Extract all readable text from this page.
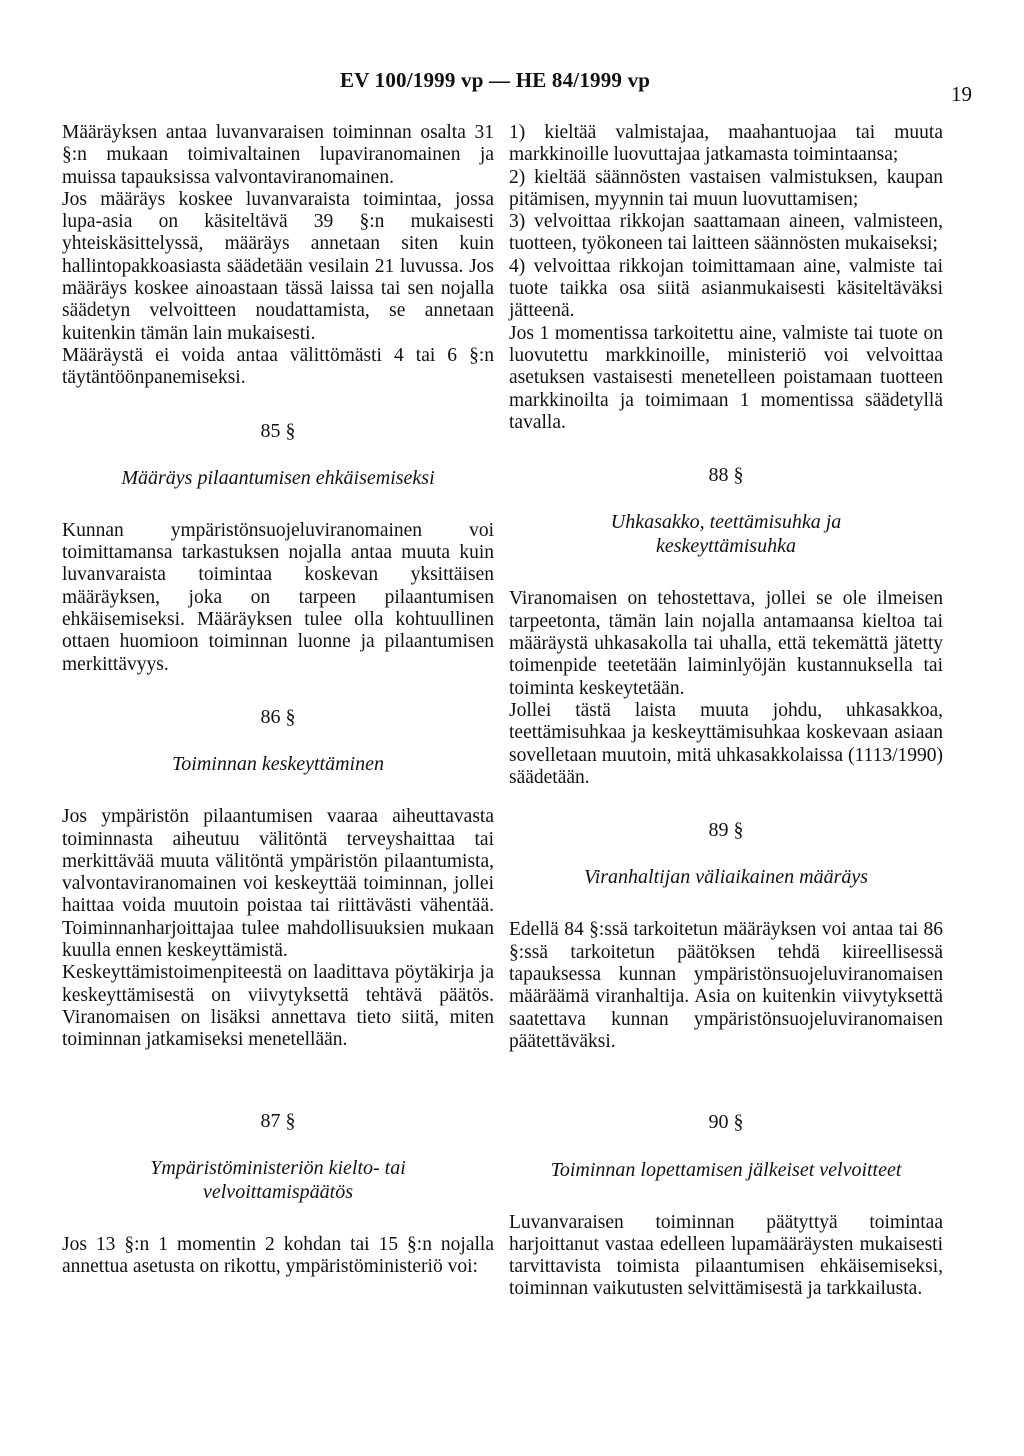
EV 100/1999 vp — HE 84/1999 vp
19

Määräyksen antaa luvanvaraisen toiminnan osalta 31 §:n mukaan toimivaltainen lupaviranomainen ja muissa tapauksissa valvontaviranomainen.

Jos määräys koskee luvanvaraista toimintaa, jossa lupa-asia on käsiteltävä 39 §:n mukaisesti yhteiskäsittelyssä, määräys annetaan siten kuin hallintopakkoasiasta säädetään vesilain 21 luvussa. Jos määräys koskee ainoastaan tässä laissa tai sen nojalla säädetyn velvoitteen noudattamista, se annetaan kuitenkin tämän lain mukaisesti.

Määräystä ei voida antaa välittömästi 4 tai 6 §:n täytäntöönpanemiseksi.

85 §
Määräys pilaantumisen ehkäisemiseksi

Kunnan ympäristönsuojeluviranomainen voi toimittamansa tarkastuksen nojalla antaa muuta kuin luvanvaraista toimintaa koskevan yksittäisen määräyksen, joka on tarpeen pilaantumisen ehkäisemiseksi. Määräyksen tulee olla kohtuullinen ottaen huomioon toiminnan luonne ja pilaantumisen merkittävyys.

86 §
Toiminnan keskeyttäminen

Jos ympäristön pilaantumisen vaaraa aiheuttavasta toiminnasta aiheutuu välitöntä terveyshaittaa tai merkittävää muuta välitöntä ympäristön pilaantumista, valvontaviranomainen voi keskeyttää toiminnan, jollei haittaa voida muutoin poistaa tai riittävästi vähentää. Toiminnanharjoittajaa tulee mahdollisuuksien mukaan kuulla ennen keskeyttämistä.

Keskeyttämistoimenpiteestä on laadittava pöytäkirja ja keskeyttämisestä on viivytyksettä tehtävä päätös. Viranomaisen on lisäksi annettava tieto siitä, miten toiminnan jatkamiseksi menetellään.

87 §
Ympäristöministeriön kielto- tai velvoittamispäätös

Jos 13 §:n 1 momentin 2 kohdan tai 15 §:n nojalla annettua asetusta on rikottu, ympäristöministeriö voi:

1) kieltää valmistajaa, maahantuojaa tai muuta markkinoille luovuttajaa jatkamasta toimintaansa;

2) kieltää säännösten vastaisen valmistuksen, kaupan pitämisen, myynnin tai muun luovuttamisen;

3) velvoittaa rikkojan saattamaan aineen, valmisteen, tuotteen, työkoneen tai laitteen säännösten mukaiseksi;

4) velvoittaa rikkojan toimittamaan aine, valmiste tai tuote taikka osa siitä asianmukaisesti käsiteltäväksi jätteenä.

Jos 1 momentissa tarkoitettu aine, valmiste tai tuote on luovutettu markkinoille, ministeriö voi velvoittaa asetuksen vastaisesti menetelleen poistamaan tuotteen markkinoilta ja toimimaan 1 momentissa säädetyllä tavalla.

88 §
Uhkasakko, teettämisuhka ja keskeyttämisuhka

Viranomaisen on tehostettava, jollei se ole ilmeisen tarpeetonta, tämän lain nojalla antamaansa kieltoa tai määräystä uhkasakolla tai uhalla, että tekemättä jätetty toimenpide teetetään laiminlyöjän kustannuksella tai toiminta keskeytetään.

Jollei tästä laista muuta johdu, uhkasakkoa, teettämisuhkaa ja keskeyttämisuhkaa koskevaan asiaan sovelletaan muutoin, mitä uhkasakkolaissa (1113/1990) säädetään.

89 §
Viranhaltijan väliaikainen määräys

Edellä 84 §:ssä tarkoitetun määräyksen voi antaa tai 86 §:ssä tarkoitetun päätöksen tehdä kiireellisessä tapauksessa kunnan ympäristönsuojeluviranomaisen määräämä viranhaltija. Asia on kuitenkin viivytyksettä saatettava kunnan ympäristönsuojeluviranomaisen päätettäväksi.

90 §
Toiminnan lopettamisen jälkeiset velvoitteet

Luvanvaraisen toiminnan päätyttyä toimintaa harjoittanut vastaa edelleen lupamääräysten mukaisesti tarvittavista toimista pilaantumisen ehkäisemiseksi, toiminnan vaikutusten selvittämisestä ja tarkkailusta.
